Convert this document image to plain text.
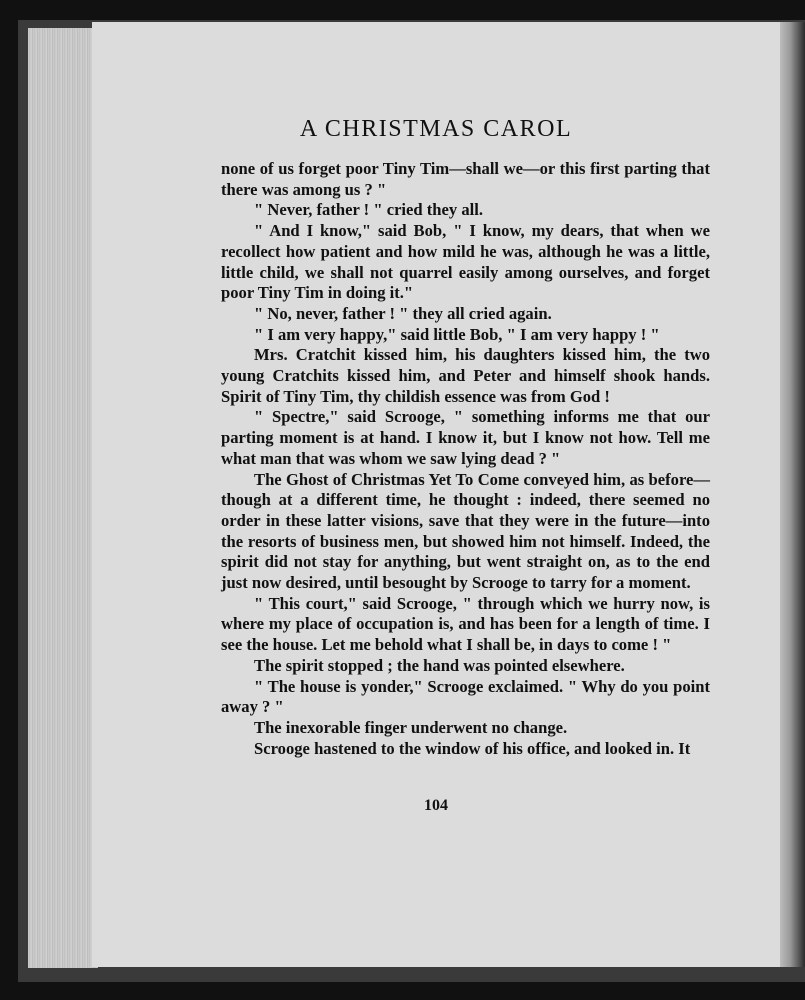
A CHRISTMAS CAROL

none of us forget poor Tiny Tim—shall we—or this first parting that there was among us ? "

" Never, father ! " cried they all.

" And I know," said Bob, " I know, my dears, that when we recollect how patient and how mild he was, although he was a little, little child, we shall not quarrel easily among ourselves, and forget poor Tiny Tim in doing it."

" No, never, father ! " they all cried again.

" I am very happy," said little Bob, " I am very happy ! "

Mrs. Cratchit kissed him, his daughters kissed him, the two young Cratchits kissed him, and Peter and himself shook hands. Spirit of Tiny Tim, thy childish essence was from God !

" Spectre," said Scrooge, " something informs me that our parting moment is at hand. I know it, but I know not how. Tell me what man that was whom we saw lying dead ? "

The Ghost of Christmas Yet To Come conveyed him, as before—though at a different time, he thought : indeed, there seemed no order in these latter visions, save that they were in the future—into the resorts of business men, but showed him not himself. Indeed, the spirit did not stay for anything, but went straight on, as to the end just now desired, until besought by Scrooge to tarry for a moment.

" This court," said Scrooge, " through which we hurry now, is where my place of occupation is, and has been for a length of time. I see the house. Let me behold what I shall be, in days to come ! "

The spirit stopped ; the hand was pointed elsewhere.

" The house is yonder," Scrooge exclaimed. " Why do you point away ? "

The inexorable finger underwent no change.

Scrooge hastened to the window of his office, and looked in. It

104
